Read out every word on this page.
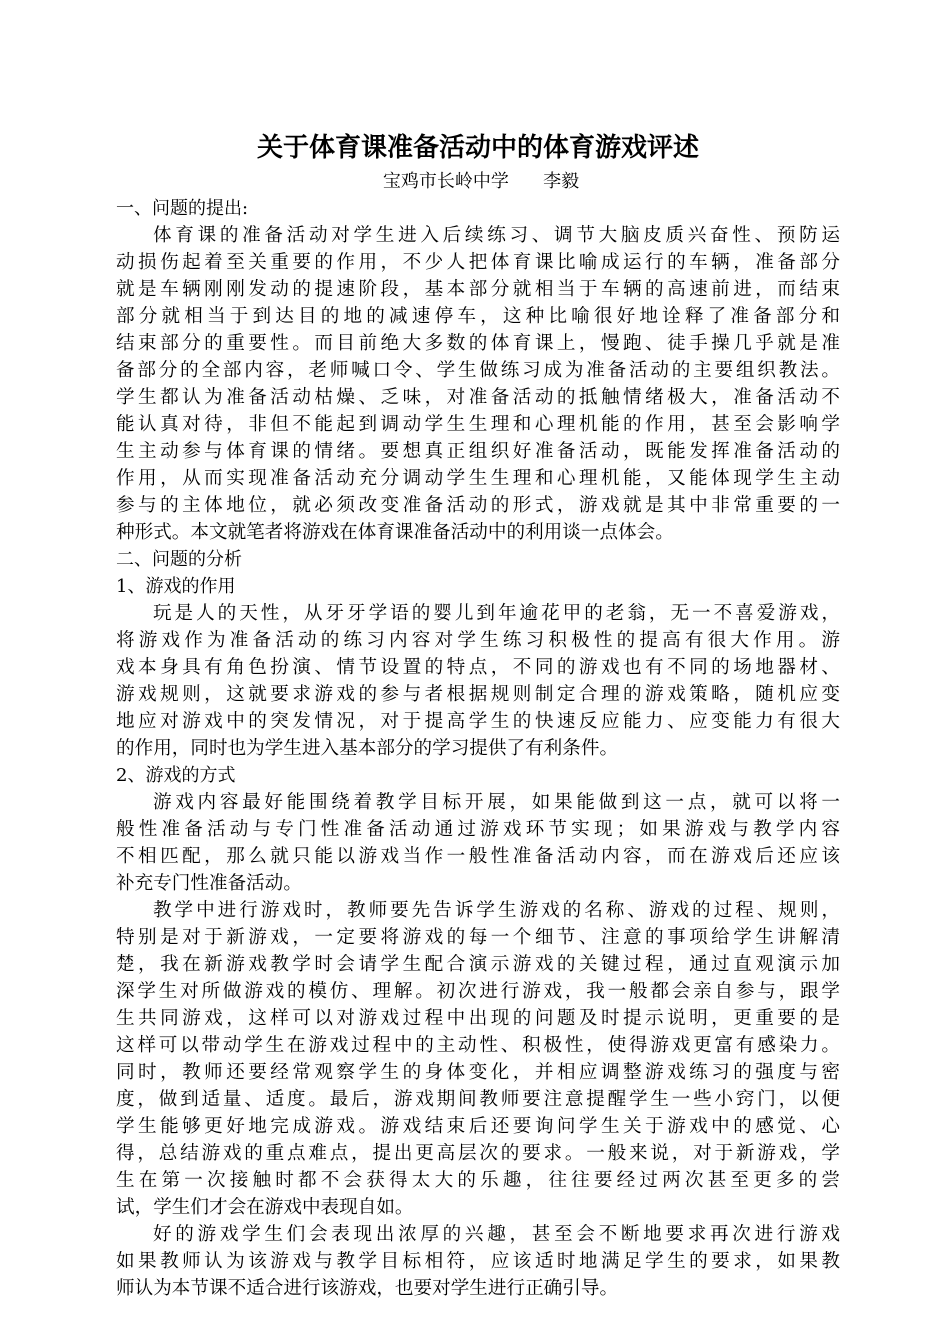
关于体育课准备活动中的体育游戏评述
宝鸡市长岭中学      李毅
一、问题的提出:
体育课的准备活动对学生进入后续练习、调节大脑皮质兴奋性、预防运
动损伤起着至关重要的作用，不少人把体育课比喻成运行的车辆，准备部分
就是车辆刚刚发动的提速阶段，基本部分就相当于车辆的高速前进，而结束
部分就相当于到达目的地的减速停车，这种比喻很好地诠释了准备部分和
结束部分的重要性。而目前绝大多数的体育课上，慢跑、徒手操几乎就是准
备部分的全部内容，老师喊口令、学生做练习成为准备活动的主要组织教法。
学生都认为准备活动枯燥、乏味，对准备活动的抵触情绪极大，准备活动不
能认真对待，非但不能起到调动学生生理和心理机能的作用，甚至会影响学
生主动参与体育课的情绪。要想真正组织好准备活动，既能发挥准备活动的
作用，从而实现准备活动充分调动学生生理和心理机能，又能体现学生主动
参与的主体地位，就必须改变准备活动的形式，游戏就是其中非常重要的一
种形式。本文就笔者将游戏在体育课准备活动中的利用谈一点体会。
二、问题的分析
1、游戏的作用
玩是人的天性，从牙牙学语的婴儿到年逾花甲的老翁，无一不喜爱游戏，
将游戏作为准备活动的练习内容对学生练习积极性的提高有很大作用。游
戏本身具有角色扮演、情节设置的特点，不同的游戏也有不同的场地器材、
游戏规则，这就要求游戏的参与者根据规则制定合理的游戏策略，随机应变
地应对游戏中的突发情况，对于提高学生的快速反应能力、应变能力有很大
的作用，同时也为学生进入基本部分的学习提供了有利条件。
2、游戏的方式
游戏内容最好能围绕着教学目标开展，如果能做到这一点，就可以将一
般性准备活动与专门性准备活动通过游戏环节实现；如果游戏与教学内容
不相匹配，那么就只能以游戏当作一般性准备活动内容，而在游戏后还应该
补充专门性准备活动。
教学中进行游戏时，教师要先告诉学生游戏的名称、游戏的过程、规则，
特别是对于新游戏，一定要将游戏的每一个细节、注意的事项给学生讲解清
楚，我在新游戏教学时会请学生配合演示游戏的关键过程，通过直观演示加
深学生对所做游戏的模仿、理解。初次进行游戏，我一般都会亲自参与，跟学
生共同游戏，这样可以对游戏过程中出现的问题及时提示说明，更重要的是
这样可以带动学生在游戏过程中的主动性、积极性，使得游戏更富有感染力。
同时，教师还要经常观察学生的身体变化，并相应调整游戏练习的强度与密
度，做到适量、适度。最后，游戏期间教师要注意提醒学生一些小窍门，以便
学生能够更好地完成游戏。游戏结束后还要询问学生关于游戏中的感觉、心
得，总结游戏的重点难点，提出更高层次的要求。一般来说，对于新游戏，学
生在第一次接触时都不会获得太大的乐趣，往往要经过两次甚至更多的尝
试，学生们才会在游戏中表现自如。
好的游戏学生们会表现出浓厚的兴趣，甚至会不断地要求再次进行游戏
如果教师认为该游戏与教学目标相符，应该适时地满足学生的要求，如果教
师认为本节课不适合进行该游戏，也要对学生进行正确引导。
